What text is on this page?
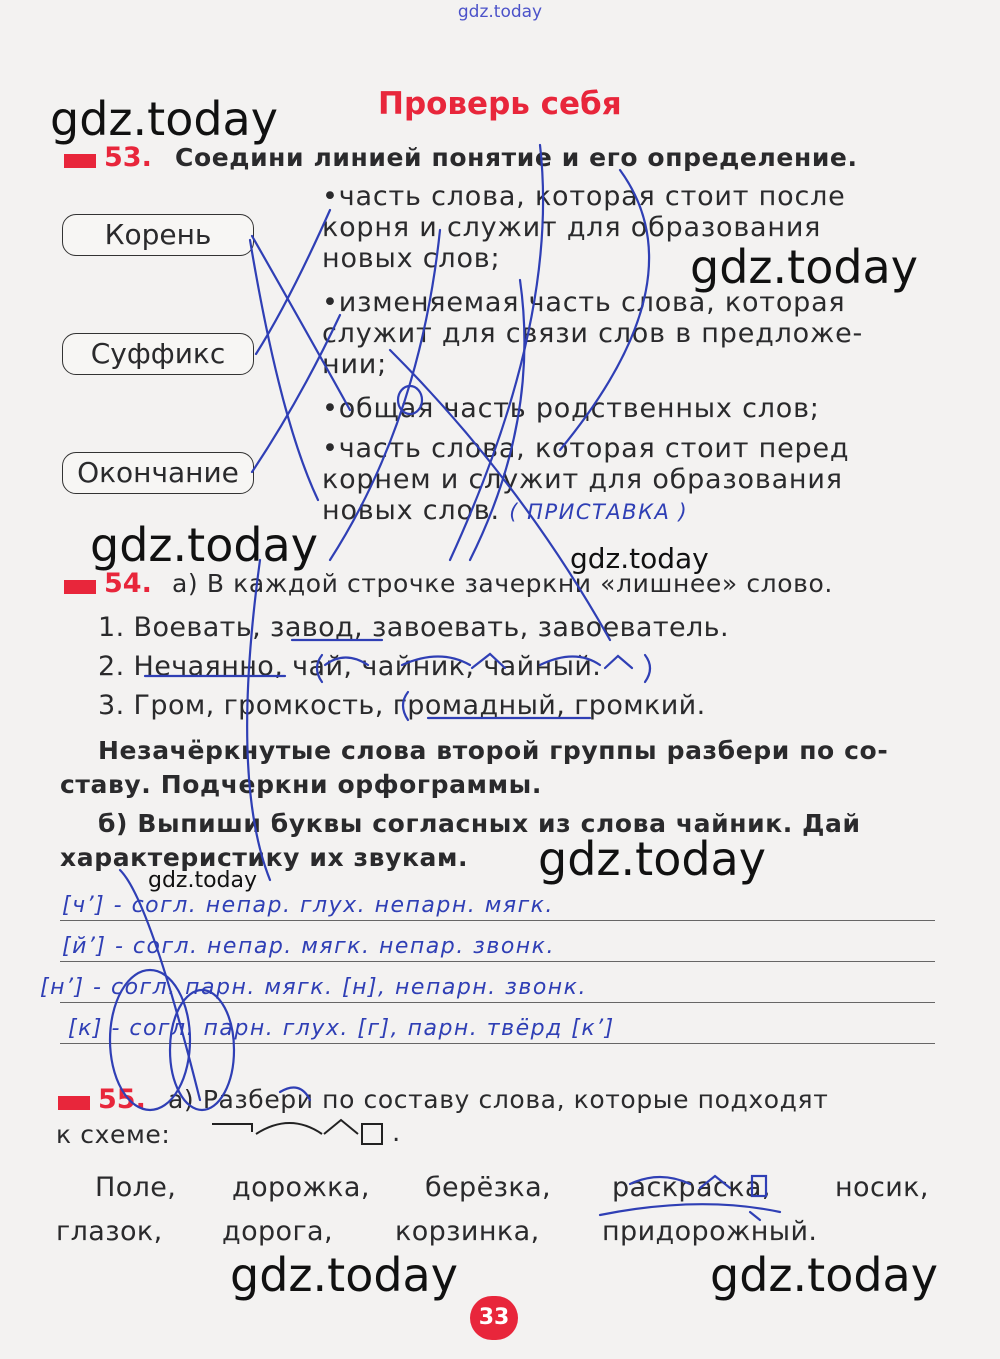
gdz.today
Проверь себя
53. Соедини линией понятие и его определение.
Корень
Суффикс
Окончание
•часть слова, которая стоит после
корня и служит для образования
новых слов;
•изменяемая часть слова, которая
служит для связи слов в предложе-
нии;
•общая часть родственных слов;
•часть слова, которая стоит перед
корнем и служит для образования
новых слов. ( ПРИСТАВКА )
54. а) В каждой строчке зачеркни «лишнее» слово.
1. Воевать, завод, завоевать, завоеватель.
2. Нечаянно, чай, чайник, чайный.
3. Гром, громкость, громадный, громкий.
Незачёркнутые слова второй группы разбери по со-
ставу. Подчеркни орфограммы.
б) Выпиши буквы согласных из слова чайник. Дай
характеристику их звукам.
[ч’] - согл. непар. глух. непарн. мягк.
[й’] - согл. непар. мягк. непар. звонк.
[н’] - согл. парн. мягк. [н], непарн. звонк.
[к] - согл. парн. глух. [г], парн. твёрд [к’]
55. а) Разбери по составу слова, которые подходят
к схеме:	.
Поле, дорожка, берёзка, раскраска, носик,
глазок, дорога, корзинка, придорожный.
33
gdz.today
gdz.today
gdz.today	gdz.today
gdz.today
gdz.today
gdz.today	gdz.today
